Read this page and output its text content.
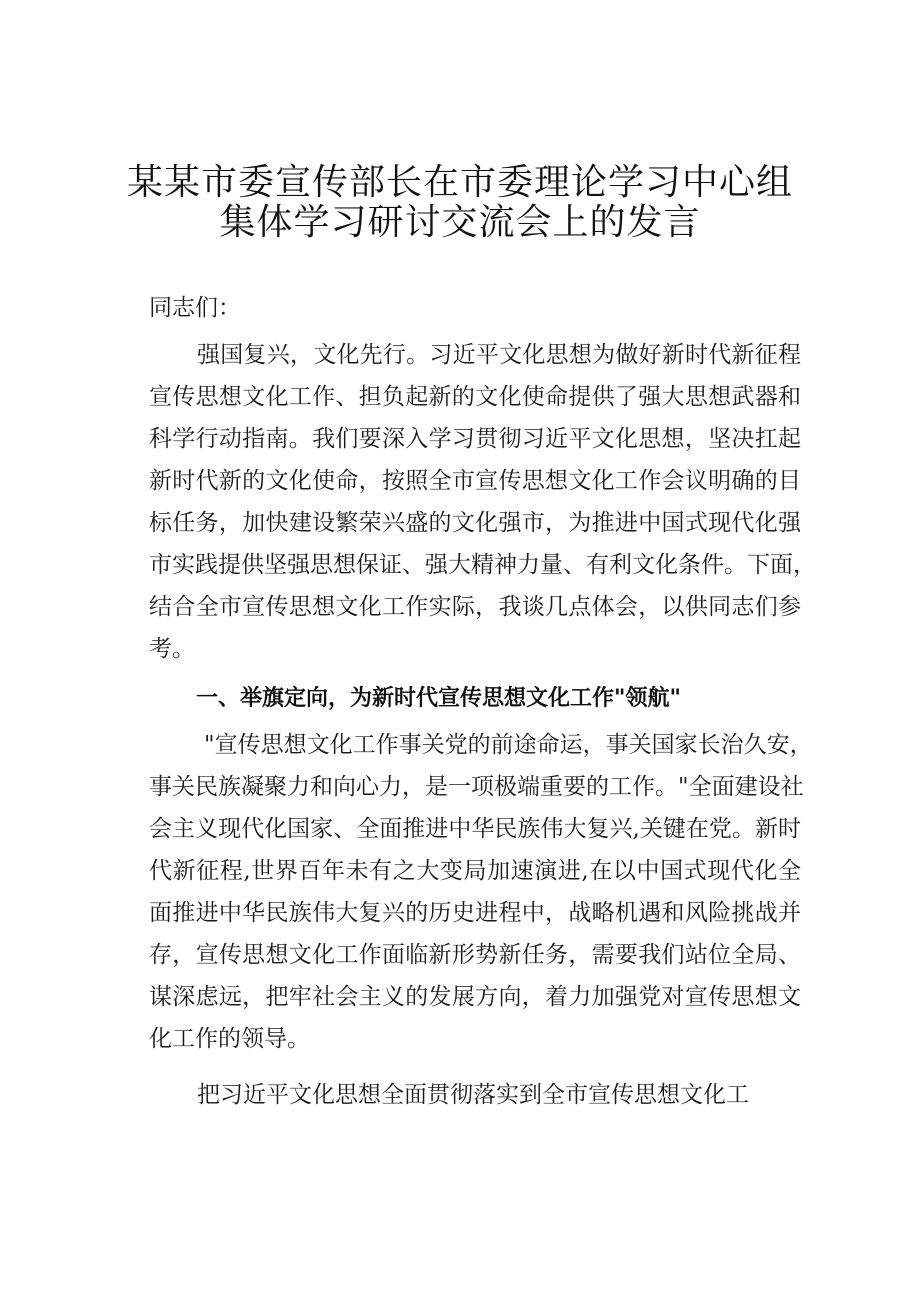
某某市委宣传部长在市委理论学习中心组
集体学习研讨交流会上的发言
同志们：
强国复兴，文化先行。习近平文化思想为做好新时代新征程
宣传思想文化工作、担负起新的文化使命提供了强大思想武器和
科学行动指南。我们要深入学习贯彻习近平文化思想，坚决扛起
新时代新的文化使命，按照全市宣传思想文化工作会议明确的目
标任务，加快建设繁荣兴盛的文化强市，为推进中国式现代化强
市实践提供坚强思想保证、强大精神力量、有利文化条件。下面，
结合全市宣传思想文化工作实际，我谈几点体会，以供同志们参
考。
一、举旗定向，为新时代宣传思想文化工作"领航"
"宣传思想文化工作事关党的前途命运，事关国家长治久安，
事关民族凝聚力和向心力，是一项极端重要的工作。"全面建设社
会主义现代化国家、全面推进中华民族伟大复兴,关键在党。新时
代新征程,世界百年未有之大变局加速演进,在以中国式现代化全
面推进中华民族伟大复兴的历史进程中，战略机遇和风险挑战并
存，宣传思想文化工作面临新形势新任务，需要我们站位全局、
谋深虑远，把牢社会主义的发展方向，着力加强党对宣传思想文
化工作的领导。
把习近平文化思想全面贯彻落实到全市宣传思想文化工
